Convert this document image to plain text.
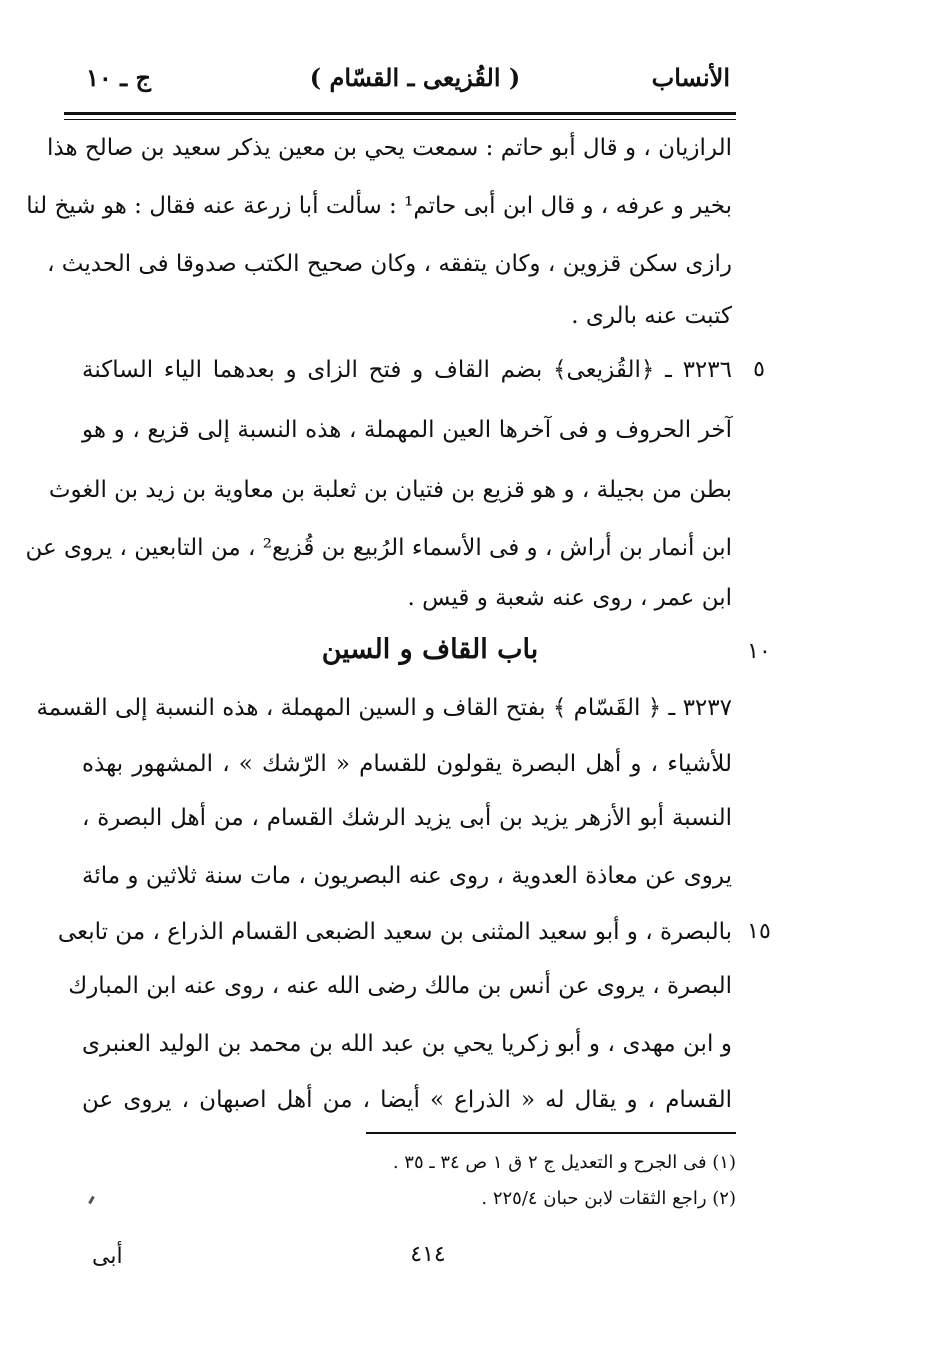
الأنساب
( القُزيعى ـ القسّام )
ج ـ ١٠
الرازيان ، و قال أبو حاتم : سمعت يحي بن معين يذكر سعيد بن صالح هذا
بخير و عرفه ، و قال ابن أبى حاتم¹ : سألت أبا زرعة عنه فقال : هو شيخ لنا
رازى سكن قزوين ، وكان يتفقه ، وكان صحيح الكتب صدوقا فى الحديث ،
كتبت عنه بالرى .
٥
٣٢٣٦ ـ ﴿القُزيعى﴾ بضم القاف و فتح الزاى و بعدهما الياء الساكنة
آخر الحروف و فى آخرها العين المهملة ، هذه النسبة إلى قزيع ، و هو
بطن من بجيلة ، و هو قزيع بن فتيان بن ثعلبة بن معاوية بن زيد بن الغوث
ابن أنمار بن أراش ، و فى الأسماء الرُبيع بن قُزيع² ، من التابعين ، يروى عن
ابن عمر ، روى عنه شعبة و قيس .
١٠
باب القاف و السين
٣٢٣٧ ـ ﴿ القَسّام ﴾ بفتح القاف و السين المهملة ، هذه النسبة إلى القسمة
للأشياء ، و أهل البصرة يقولون للقسام « الرّشك » ، المشهور بهذه
النسبة أبو الأزهر يزيد بن أبى يزيد الرشك القسام ، من أهل البصرة ،
يروى عن معاذة العدوية ، روى عنه البصريون ، مات سنة ثلاثين و مائة
١٥
بالبصرة ، و أبو سعيد المثنى بن سعيد الضبعى القسام الذراع ، من تابعى
البصرة ، يروى عن أنس بن مالك رضى الله عنه ، روى عنه ابن المبارك
و ابن مهدى ، و أبو زكريا يحي بن عبد الله بن محمد بن الوليد العنبرى
القسام ، و يقال له « الذراع » أيضا ، من أهل اصبهان ، يروى عن
(١) فى الجرح و التعديل ج ٢ ق ١ ص ٣٤ ـ ٣٥ .
(٢) راجع الثقات لابن حبان ٢٢٥/٤ .
٤١٤
أبى
